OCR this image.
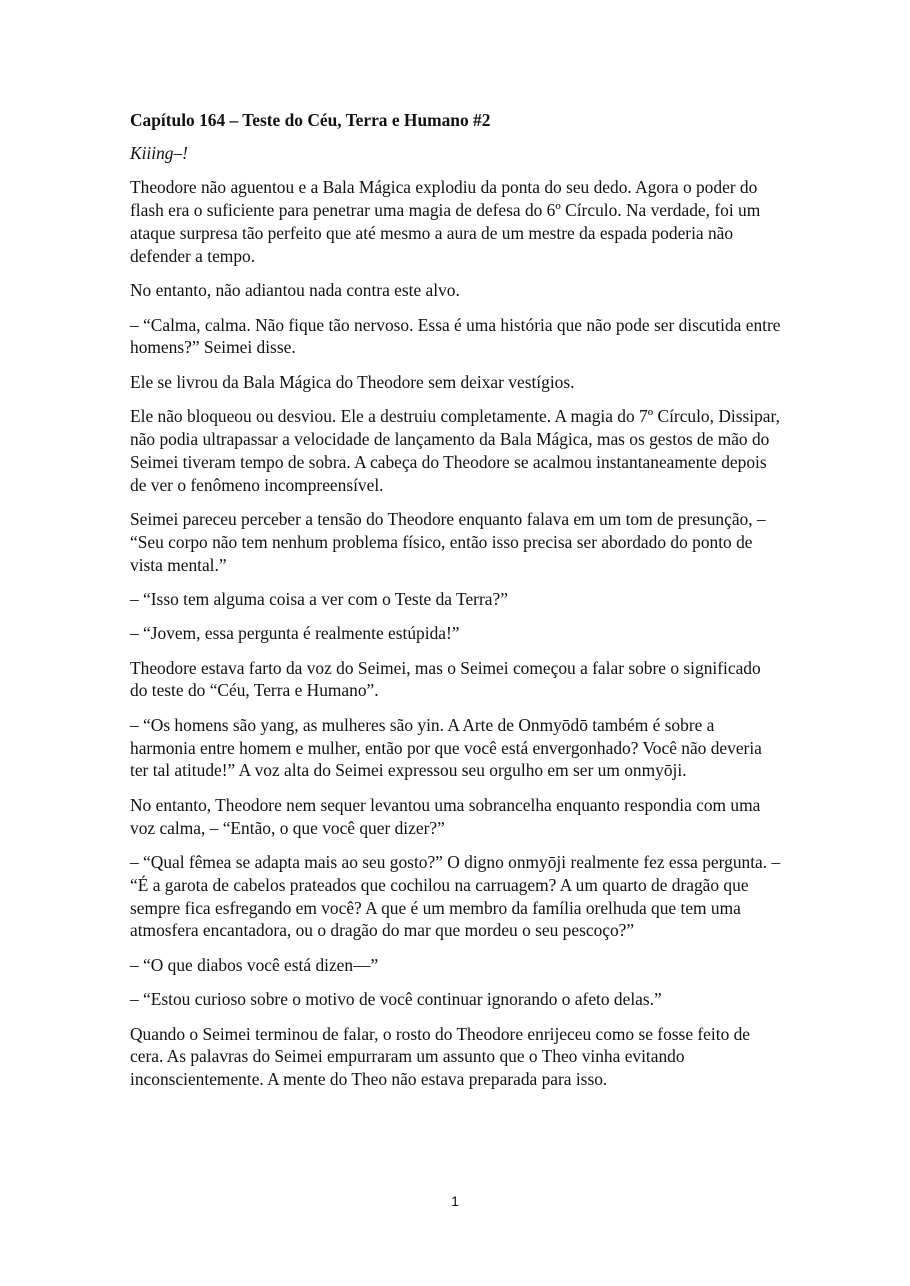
Capítulo 164 – Teste do Céu, Terra e Humano #2

Kiiing–!

Theodore não aguentou e a Bala Mágica explodiu da ponta do seu dedo. Agora o poder do flash era o suficiente para penetrar uma magia de defesa do 6º Círculo. Na verdade, foi um ataque surpresa tão perfeito que até mesmo a aura de um mestre da espada poderia não defender a tempo.

No entanto, não adiantou nada contra este alvo.

– “Calma, calma. Não fique tão nervoso. Essa é uma história que não pode ser discutida entre homens?” Seimei disse.

Ele se livrou da Bala Mágica do Theodore sem deixar vestígios.

Ele não bloqueou ou desviou. Ele a destruiu completamente. A magia do 7º Círculo, Dissipar, não podia ultrapassar a velocidade de lançamento da Bala Mágica, mas os gestos de mão do Seimei tiveram tempo de sobra. A cabeça do Theodore se acalmou instantaneamente depois de ver o fenômeno incompreensível.

Seimei pareceu perceber a tensão do Theodore enquanto falava em um tom de presunção, – “Seu corpo não tem nenhum problema físico, então isso precisa ser abordado do ponto de vista mental.”

– “Isso tem alguma coisa a ver com o Teste da Terra?”

– “Jovem, essa pergunta é realmente estúpida!”

Theodore estava farto da voz do Seimei, mas o Seimei começou a falar sobre o significado do teste do “Céu, Terra e Humano”.

– “Os homens são yang, as mulheres são yin. A Arte de Onmyōdō também é sobre a harmonia entre homem e mulher, então por que você está envergonhado? Você não deveria ter tal atitude!” A voz alta do Seimei expressou seu orgulho em ser um onmyōji.

No entanto, Theodore nem sequer levantou uma sobrancelha enquanto respondia com uma voz calma, – “Então, o que você quer dizer?”

– “Qual fêmea se adapta mais ao seu gosto?” O digno onmyōji realmente fez essa pergunta. – “É a garota de cabelos prateados que cochilou na carruagem? A um quarto de dragão que sempre fica esfregando em você? A que é um membro da família orelhuda que tem uma atmosfera encantadora, ou o dragão do mar que mordeu o seu pescoço?”

– “O que diabos você está dizen—”

– “Estou curioso sobre o motivo de você continuar ignorando o afeto delas.”

Quando o Seimei terminou de falar, o rosto do Theodore enrijeceu como se fosse feito de cera. As palavras do Seimei empurraram um assunto que o Theo vinha evitando inconscientemente. A mente do Theo não estava preparada para isso.

1
